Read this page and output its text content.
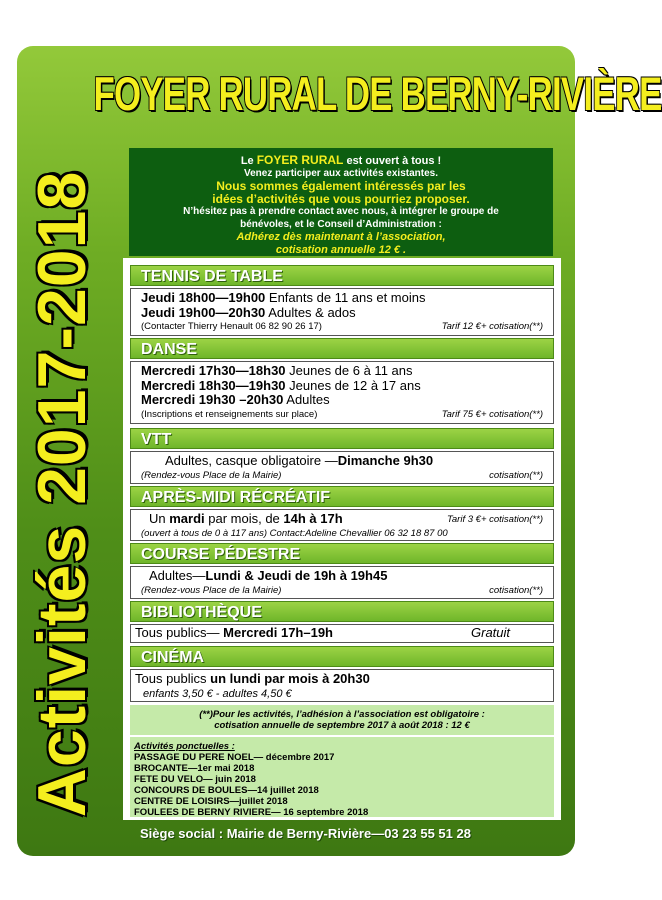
FOYER RURAL DE BERNY-RIVIÈRE
Activités 2017-2018
Le FOYER RURAL est ouvert à tous !
Venez participer aux activités existantes.
Nous sommes également intéressés par les
idées d’activités que vous pourriez proposer.
N’hésitez pas à prendre contact avec nous, à intégrer le groupe de
bénévoles, et le Conseil d’Administration :
Adhérez dès maintenant à l’association,
cotisation annuelle 12 € .
TENNIS DE TABLE
Jeudi 18h00—19h00 Enfants de 11 ans et moins
Jeudi 19h00—20h30 Adultes & ados
(Contacter Thierry Henault 06 82 90 26 17)	Tarif 12 €+ cotisation(**)
DANSE
Mercredi 17h30—18h30 Jeunes de 6 à 11 ans
Mercredi 18h30—19h30 Jeunes de 12 à 17 ans
Mercredi 19h30 –20h30 Adultes
(Inscriptions et renseignements sur place)	Tarif 75 €+ cotisation(**)
VTT
Adultes, casque obligatoire —Dimanche 9h30
(Rendez-vous Place de la Mairie)	cotisation(**)
APRÈS-MIDI RÉCRÉATIF
Un mardi par mois, de 14h à 17h	Tarif 3 €+ cotisation(**)
(ouvert à tous de 0 à 117 ans) Contact:Adeline Chevallier 06 32 18 87 00
COURSE PÉDESTRE
Adultes—Lundi & Jeudi de 19h à 19h45
(Rendez-vous Place de la Mairie)	cotisation(**)
BIBLIOTHÈQUE
Tous publics— Mercredi 17h–19h	Gratuit
CINÉMA
Tous publics un lundi par mois à 20h30
enfants 3,50 € - adultes 4,50 €
(**)Pour les activités, l’adhésion à l’association est obligatoire :
cotisation annuelle de septembre 2017 à août 2018 : 12 €
Activités ponctuelles :
PASSAGE DU PERE NOEL— décembre 2017
BROCANTE—1er mai 2018
FETE DU VELO— juin 2018
CONCOURS DE BOULES—14 juillet 2018
CENTRE DE LOISIRS—juillet 2018
FOULEES DE BERNY RIVIERE— 16 septembre 2018
Siège social : Mairie de Berny-Rivière—03 23 55 51 28
